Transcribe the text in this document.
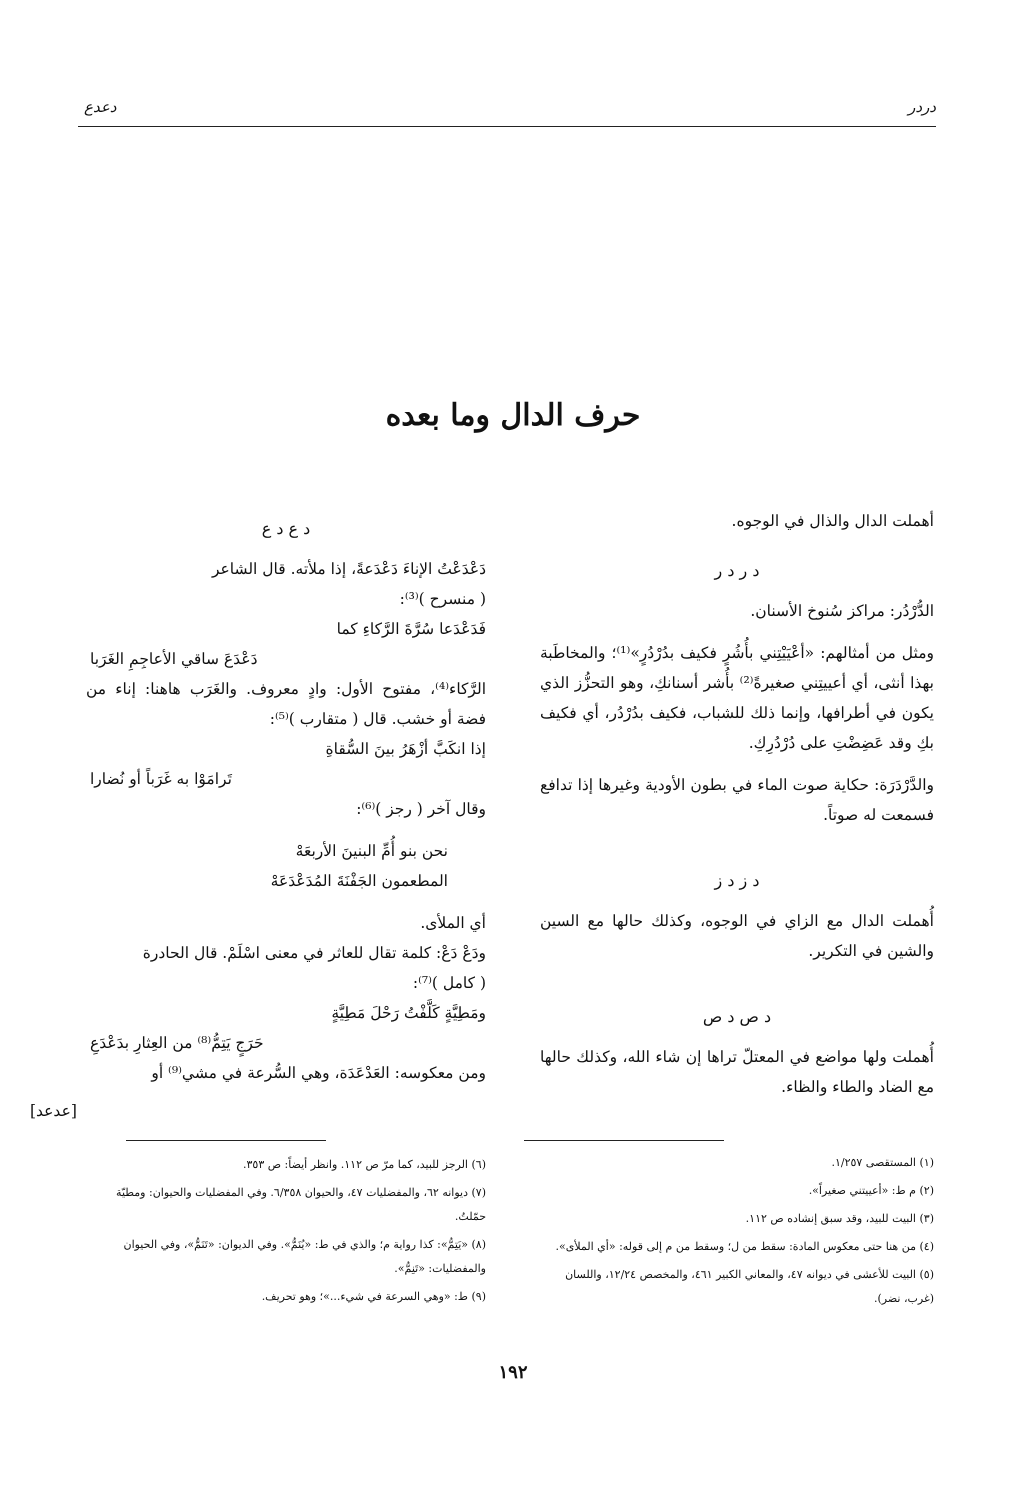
دردر
دعدع
حرف الدال وما بعده

أهملت الدال والذال في الوجوه.

د ر د ر

الدُّرْدُر: مراكز سُنوخ الأسنان.

ومثل من أمثالهم: «أعْيَيْتِني بأُشُرٍ فكيف بدُرْدُرٍ»⁽¹⁾؛ والمخاطَبة بهذا أنثى، أي أعييتِني صغيرةً⁽²⁾ بأُشر أسنانكِ، وهو التحزُّز الذي يكون في أطرافها، وإنما ذلك للشباب، فكيف بدُرْدُر، أي فكيف بكِ وقد عَضِضْتِ على دُرْدُرِكِ.

والدَّرْدَرَة: حكاية صوت الماء في بطون الأودية وغيرها إذا تدافع فسمعت له صوتاً.

د ز د ز

أُهملت الدال مع الزاي في الوجوه، وكذلك حالها مع السين والشين في التكرير.

د ص د ص

أُهملت ولها مواضع في المعتلّ تراها إن شاء الله، وكذلك حالها مع الضاد والطاء والظاء.

د ع د ع

دَعْدَعْتُ الإناءَ دَعْدَعةً، إذا ملأته. قال الشاعر

( منسرح )⁽³⁾:

فَدَعْدَعا سُرَّةَ الرَّكاءِ كما
دَعْدَعَ ساقي الأعاجِمِ الغَرَبا

الرَّكاء⁽⁴⁾، مفتوح الأول: وادٍ معروف. والغَرَب هاهنا: إناء من فضة أو خشب. قال ( متقارب )⁽⁵⁾:

إذا انكَبَّ أزْهَرُ بينَ السُّقاةِ
تَرامَوْا به غَرَباً أو نُضارا

وقال آخر ( رجز )⁽⁶⁾:

نحن بنو أُمِّ البنينَ الأربعَهْ
المطعمون الجَفْنَةَ المُدَعْدَعَهْ

أي الملأى.

ودَعْ دَعْ: كلمة تقال للعاثر في معنى اسْلَمْ. قال الحادرة

( كامل )⁽⁷⁾:

ومَطِيَّةٍ كَلَّفْتُ رَحْلَ مَطِيَّةٍ
حَرَجٍ يَتِمُّ⁽⁸⁾ من العِثارِ بدَعْدَعِ

ومن معكوسه: العَدْعَدَة، وهي السُّرعة في مشي⁽⁹⁾ أو

[عدعد]

(١) المستقصى ١/٢٥٧.

(٢) م ط: «أعييتني صغيراً».

(٣) البيت للبيد، وقد سبق إنشاده ص ١١٢.

(٤) من هنا حتى معكوس المادة: سقط من ل؛ وسقط من م إلى قوله: «أي الملأى».

(٥) البيت للأعشى في ديوانه ٤٧، والمعاني الكبير ٤٦١، والمخصص ١٢/٢٤، واللسان (غرب، نضر).

(٦) الرجز للبيد، كما مرّ ص ١١٢. وانظر أيضاً: ص ٣٥٣.

(٧) ديوانه ٦٢، والمفضليات ٤٧، والحيوان ٦/٣٥٨. وفي المفضليات والحيوان: ومطيّة حمّلتُ.

(٨) «يَتِمُّ»: كذا رواية م؛ والذي في ط: «يُنَمُّ». وفي الديوان: «تَنَمُّ»، وفي الحيوان والمفضليات: «تَنِمُّ».

(٩) ط: «وهي السرعة في شيء...»؛ وهو تحريف.

١٩٢
